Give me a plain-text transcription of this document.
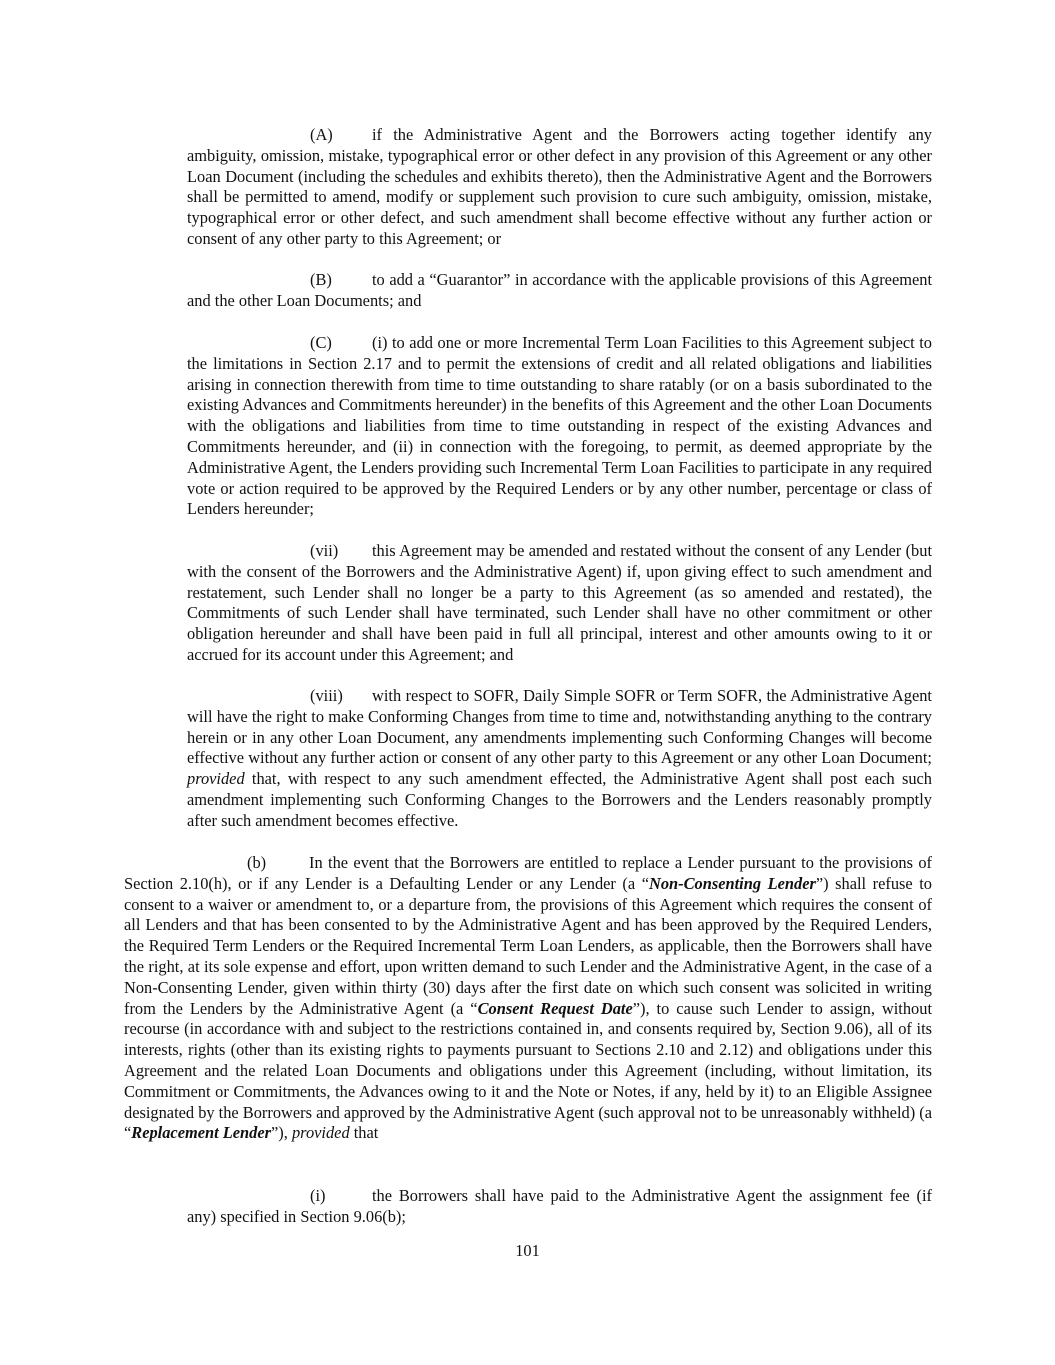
(A) if the Administrative Agent and the Borrowers acting together identify any ambiguity, omission, mistake, typographical error or other defect in any provision of this Agreement or any other Loan Document (including the schedules and exhibits thereto), then the Administrative Agent and the Borrowers shall be permitted to amend, modify or supplement such provision to cure such ambiguity, omission, mistake, typographical error or other defect, and such amendment shall become effective without any further action or consent of any other party to this Agreement; or

(B) to add a “Guarantor” in accordance with the applicable provisions of this Agreement and the other Loan Documents; and

(C) (i) to add one or more Incremental Term Loan Facilities to this Agreement subject to the limitations in Section 2.17 and to permit the extensions of credit and all related obligations and liabilities arising in connection therewith from time to time outstanding to share ratably (or on a basis subordinated to the existing Advances and Commitments hereunder) in the benefits of this Agreement and the other Loan Documents with the obligations and liabilities from time to time outstanding in respect of the existing Advances and Commitments hereunder, and (ii) in connection with the foregoing, to permit, as deemed appropriate by the Administrative Agent, the Lenders providing such Incremental Term Loan Facilities to participate in any required vote or action required to be approved by the Required Lenders or by any other number, percentage or class of Lenders hereunder;

(vii) this Agreement may be amended and restated without the consent of any Lender (but with the consent of the Borrowers and the Administrative Agent) if, upon giving effect to such amendment and restatement, such Lender shall no longer be a party to this Agreement (as so amended and restated), the Commitments of such Lender shall have terminated, such Lender shall have no other commitment or other obligation hereunder and shall have been paid in full all principal, interest and other amounts owing to it or accrued for its account under this Agreement; and

(viii) with respect to SOFR, Daily Simple SOFR or Term SOFR, the Administrative Agent will have the right to make Conforming Changes from time to time and, notwithstanding anything to the contrary herein or in any other Loan Document, any amendments implementing such Conforming Changes will become effective without any further action or consent of any other party to this Agreement or any other Loan Document; provided that, with respect to any such amendment effected, the Administrative Agent shall post each such amendment implementing such Conforming Changes to the Borrowers and the Lenders reasonably promptly after such amendment becomes effective.

(b)	In the event that the Borrowers are entitled to replace a Lender pursuant to the provisions of Section 2.10(h), or if any Lender is a Defaulting Lender or any Lender (a “Non-Consenting Lender”) shall refuse to consent to a waiver or amendment to, or a departure from, the provisions of this Agreement which requires the consent of all Lenders and that has been consented to by the Administrative Agent and has been approved by the Required Lenders, the Required Term Lenders or the Required Incremental Term Loan Lenders, as applicable, then the Borrowers shall have the right, at its sole expense and effort, upon written demand to such Lender and the Administrative Agent, in the case of a Non-Consenting Lender, given within thirty (30) days after the first date on which such consent was solicited in writing from the Lenders by the Administrative Agent (a “Consent Request Date”), to cause such Lender to assign, without recourse (in accordance with and subject to the restrictions contained in, and consents required by, Section 9.06), all of its interests, rights (other than its existing rights to payments pursuant to Sections 2.10 and 2.12) and obligations under this Agreement and the related Loan Documents and obligations under this Agreement (including, without limitation, its Commitment or Commitments, the Advances owing to it and the Note or Notes, if any, held by it) to an Eligible Assignee designated by the Borrowers and approved by the Administrative Agent (such approval not to be unreasonably withheld) (a “Replacement Lender”), provided that

(i)	the Borrowers shall have paid to the Administrative Agent the assignment fee (if any) specified in Section 9.06(b);

101
